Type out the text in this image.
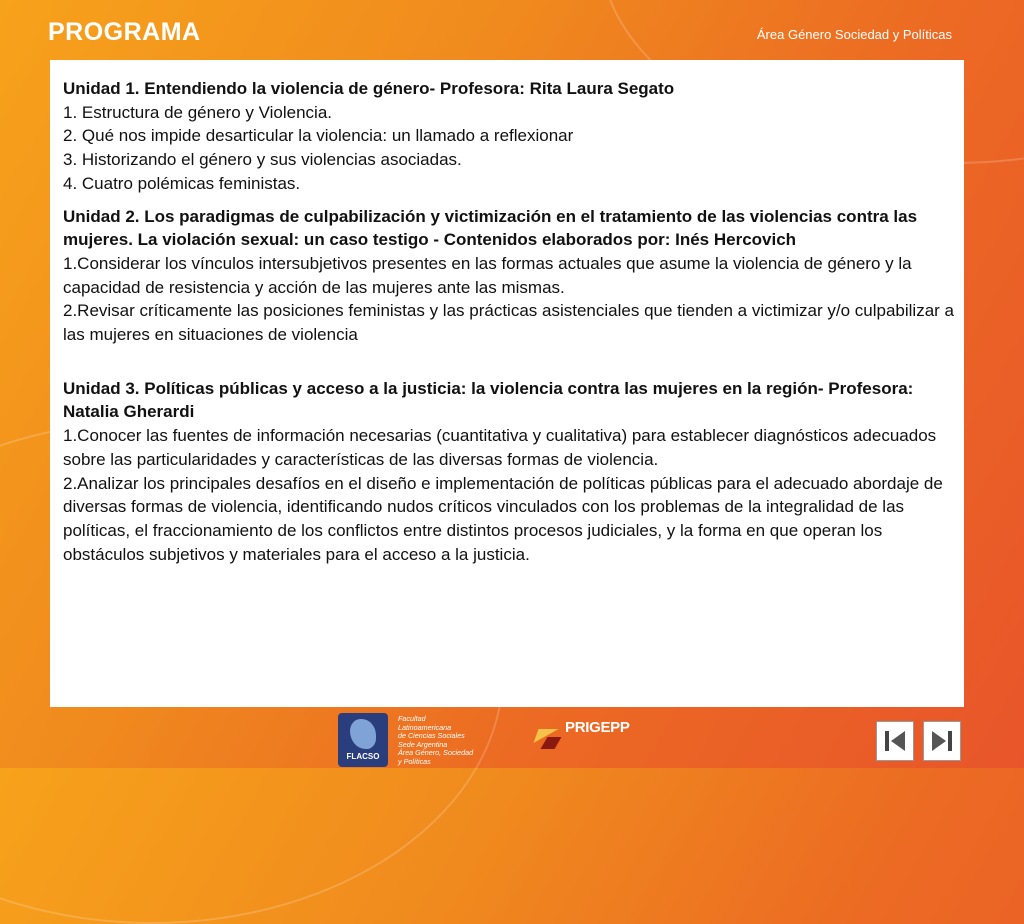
PROGRAMA	Área Género Sociedad y Políticas
Unidad 1. Entendiendo la violencia de género- Profesora: Rita Laura Segato
1. Estructura de género y Violencia.
2. Qué nos impide desarticular la violencia: un llamado a reflexionar
3. Historizando el género y sus violencias asociadas.
4. Cuatro polémicas feministas.
Unidad 2. Los paradigmas de culpabilización y victimización en el tratamiento de las violencias contra las mujeres. La violación sexual: un caso testigo - Contenidos elaborados por: Inés Hercovich
1.Considerar los vínculos intersubjetivos presentes en las formas actuales que asume la violencia de género y la capacidad de resistencia y acción de las mujeres ante las mismas.
2.Revisar críticamente las posiciones feministas y las prácticas asistenciales que tienden a victimizar y/o culpabilizar a las mujeres en situaciones de violencia
Unidad 3. Políticas públicas y acceso a la justicia: la violencia contra las mujeres en la región- Profesora: Natalia Gherardi
1.Conocer las fuentes de información necesarias (cuantitativa y cualitativa) para establecer diagnósticos adecuados sobre las particularidades y características de las diversas formas de violencia.
2.Analizar los principales desafíos en el diseño e implementación de políticas públicas para el adecuado abordaje de diversas formas de violencia, identificando nudos críticos vinculados con los problemas de la integralidad de las políticas, el fraccionamiento de los conflictos entre distintos procesos judiciales, y la forma en que operan los obstáculos subjetivos y materiales para el acceso a la justicia.
FLACSO
Facultad
Latinoamericana
de Ciencias Sociales
Sede Argentina
Área Género, Sociedad
y Políticas
PRIGEPP
